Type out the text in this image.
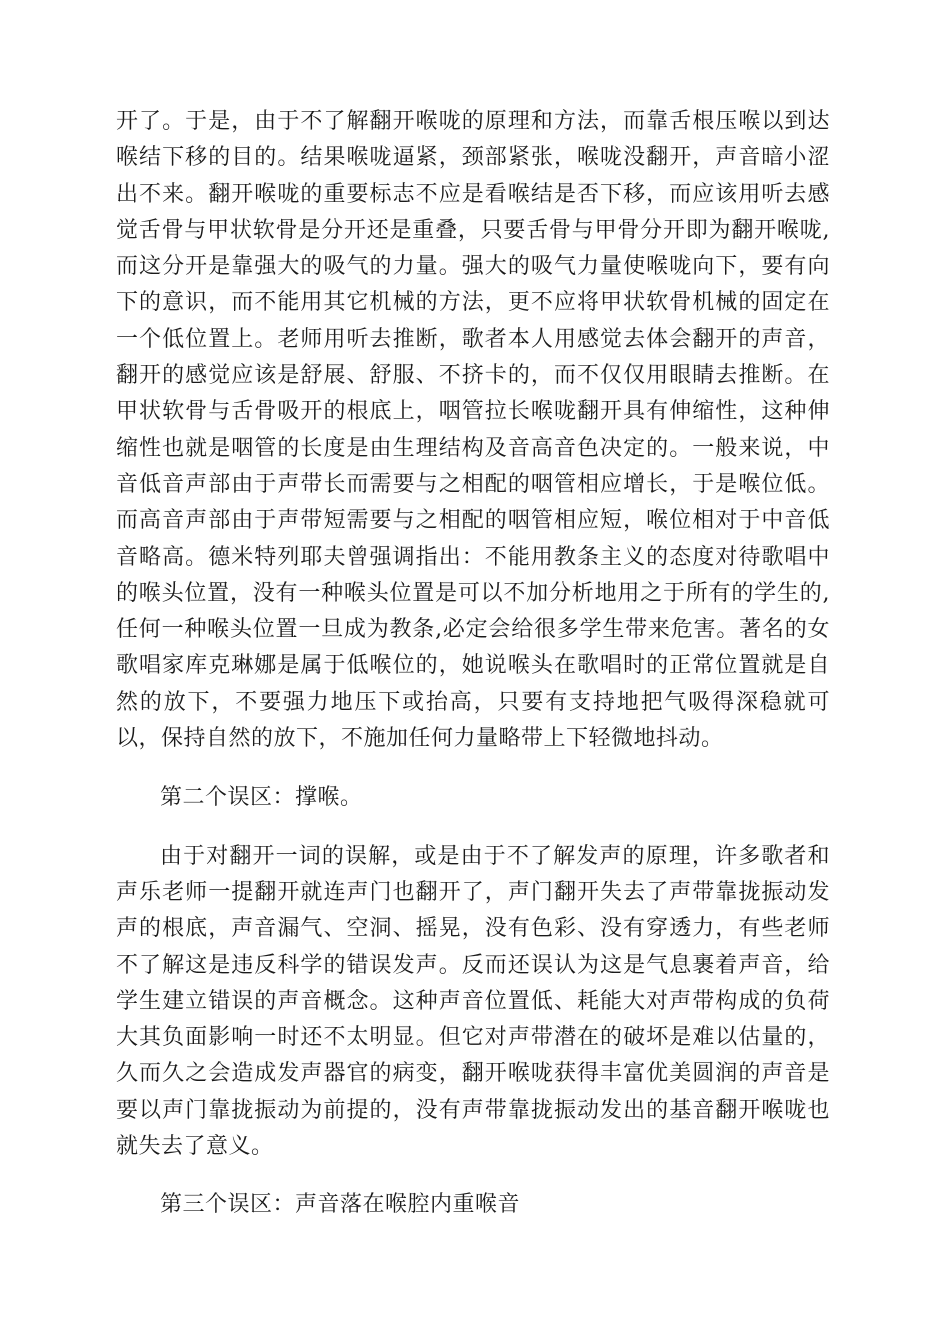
开了。于是，由于不了解翻开喉咙的原理和方法，而靠舌根压喉以到达喉结下移的目的。结果喉咙逼紧，颈部紧张，喉咙没翻开，声音暗小涩出不来。翻开喉咙的重要标志不应是看喉结是否下移，而应该用听去感觉舌骨与甲状软骨是分开还是重叠，只要舌骨与甲骨分开即为翻开喉咙,而这分开是靠强大的吸气的力量。强大的吸气力量使喉咙向下，要有向下的意识，而不能用其它机械的方法，更不应将甲状软骨机械的固定在一个低位置上。老师用听去推断，歌者本人用感觉去体会翻开的声音，翻开的感觉应该是舒展、舒服、不挤卡的，而不仅仅用眼睛去推断。在甲状软骨与舌骨吸开的根底上，咽管拉长喉咙翻开具有伸缩性，这种伸缩性也就是咽管的长度是由生理结构及音高音色决定的。一般来说，中音低音声部由于声带长而需要与之相配的咽管相应增长，于是喉位低。而高音声部由于声带短需要与之相配的咽管相应短，喉位相对于中音低音略高。德米特列耶夫曾强调指出：不能用教条主义的态度对待歌唱中的喉头位置，没有一种喉头位置是可以不加分析地用之于所有的学生的,任何一种喉头位置一旦成为教条,必定会给很多学生带来危害。著名的女歌唱家库克琳娜是属于低喉位的，她说喉头在歌唱时的正常位置就是自然的放下，不要强力地压下或抬高，只要有支持地把气吸得深稳就可以，保持自然的放下，不施加任何力量略带上下轻微地抖动。

第二个误区：撑喉。

由于对翻开一词的误解，或是由于不了解发声的原理，许多歌者和声乐老师一提翻开就连声门也翻开了，声门翻开失去了声带靠拢振动发声的根底，声音漏气、空洞、摇晃，没有色彩、没有穿透力，有些老师不了解这是违反科学的错误发声。反而还误认为这是气息裹着声音，给学生建立错误的声音概念。这种声音位置低、耗能大对声带构成的负荷大其负面影响一时还不太明显。但它对声带潜在的破坏是难以估量的，久而久之会造成发声器官的病变，翻开喉咙获得丰富优美圆润的声音是要以声门靠拢振动为前提的，没有声带靠拢振动发出的基音翻开喉咙也就失去了意义。

第三个误区：声音落在喉腔内重喉音
